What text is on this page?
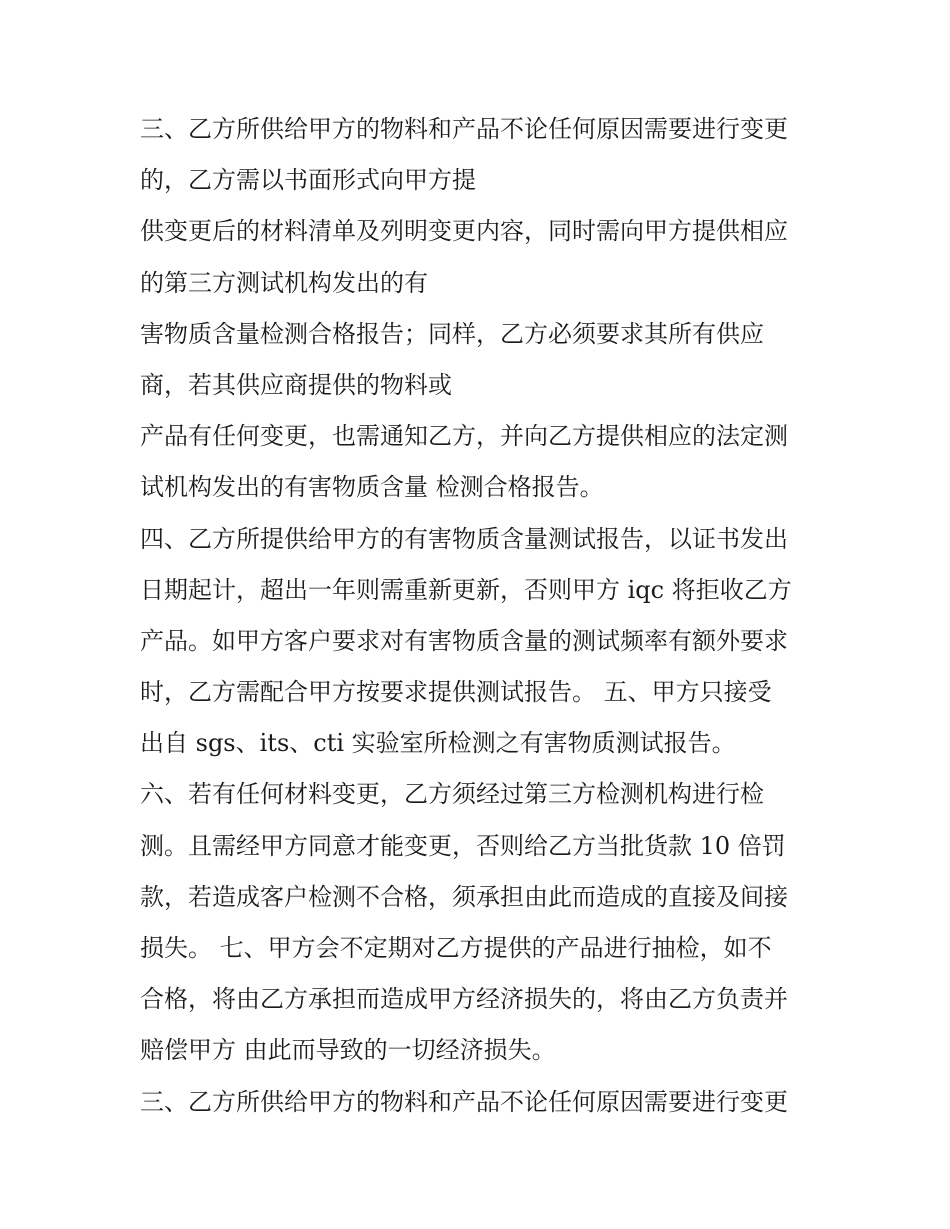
三、乙方所供给甲方的物料和产品不论任何原因需要进行变更
的，乙方需以书面形式向甲方提
供变更后的材料清单及列明变更内容，同时需向甲方提供相应
的第三方测试机构发出的有
害物质含量检测合格报告；同样，乙方必须要求其所有供应
商，若其供应商提供的物料或
产品有任何变更，也需通知乙方，并向乙方提供相应的法定测
试机构发出的有害物质含量 检测合格报告。
四、乙方所提供给甲方的有害物质含量测试报告，以证书发出
日期起计，超出一年则需重新更新，否则甲方 iqc 将拒收乙方
产品。如甲方客户要求对有害物质含量的测试频率有额外要求
时，乙方需配合甲方按要求提供测试报告。 五、甲方只接受
出自 sgs、its、cti 实验室所检测之有害物质测试报告。
六、若有任何材料变更，乙方须经过第三方检测机构进行检
测。且需经甲方同意才能变更，否则给乙方当批货款 10 倍罚
款，若造成客户检测不合格，须承担由此而造成的直接及间接
损失。 七、甲方会不定期对乙方提供的产品进行抽检，如不
合格，将由乙方承担而造成甲方经济损失的，将由乙方负责并
赔偿甲方 由此而导致的一切经济损失。
三、乙方所供给甲方的物料和产品不论任何原因需要进行变更
